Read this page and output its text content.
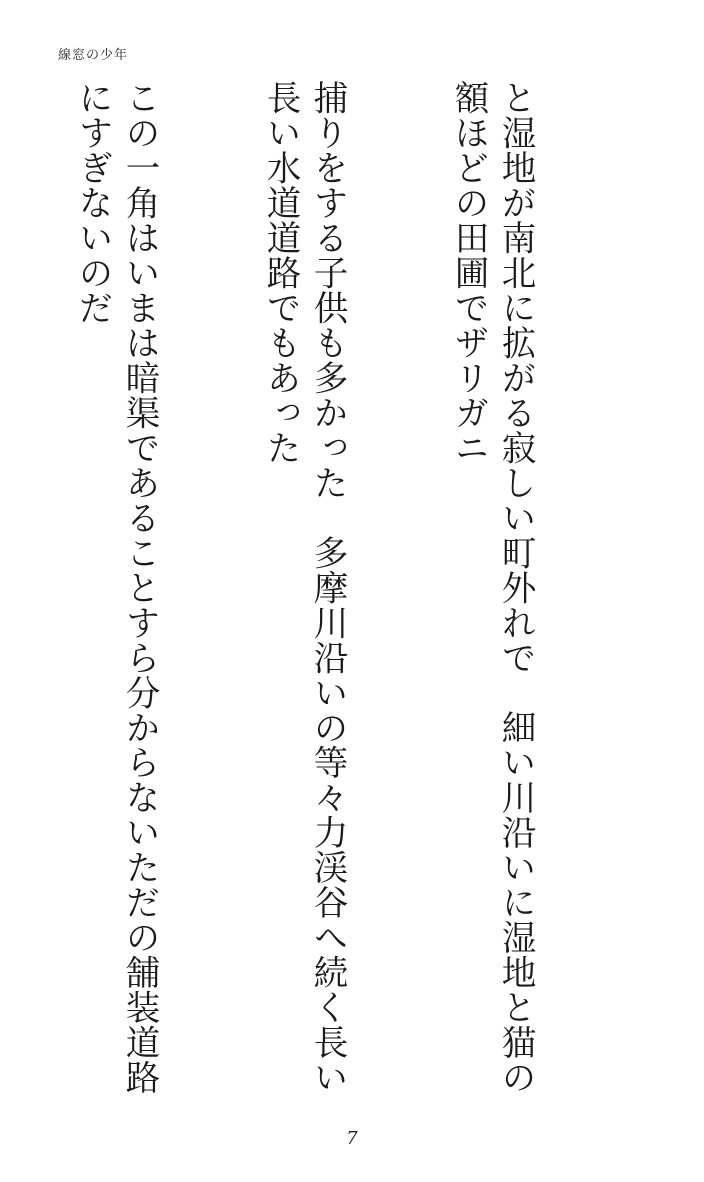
線窓の少年

と湿地が南北に拡がる寂しい町外れで　細い川沿いに湿地と猫の額ほどの田圃でザリガニ

捕りをする子供も多かった　多摩川沿いの等々力渓谷へ続く長い長い水道道路でもあった

この一角はいまは暗渠であることすら分からないただの舗装道路にすぎないのだ

7
